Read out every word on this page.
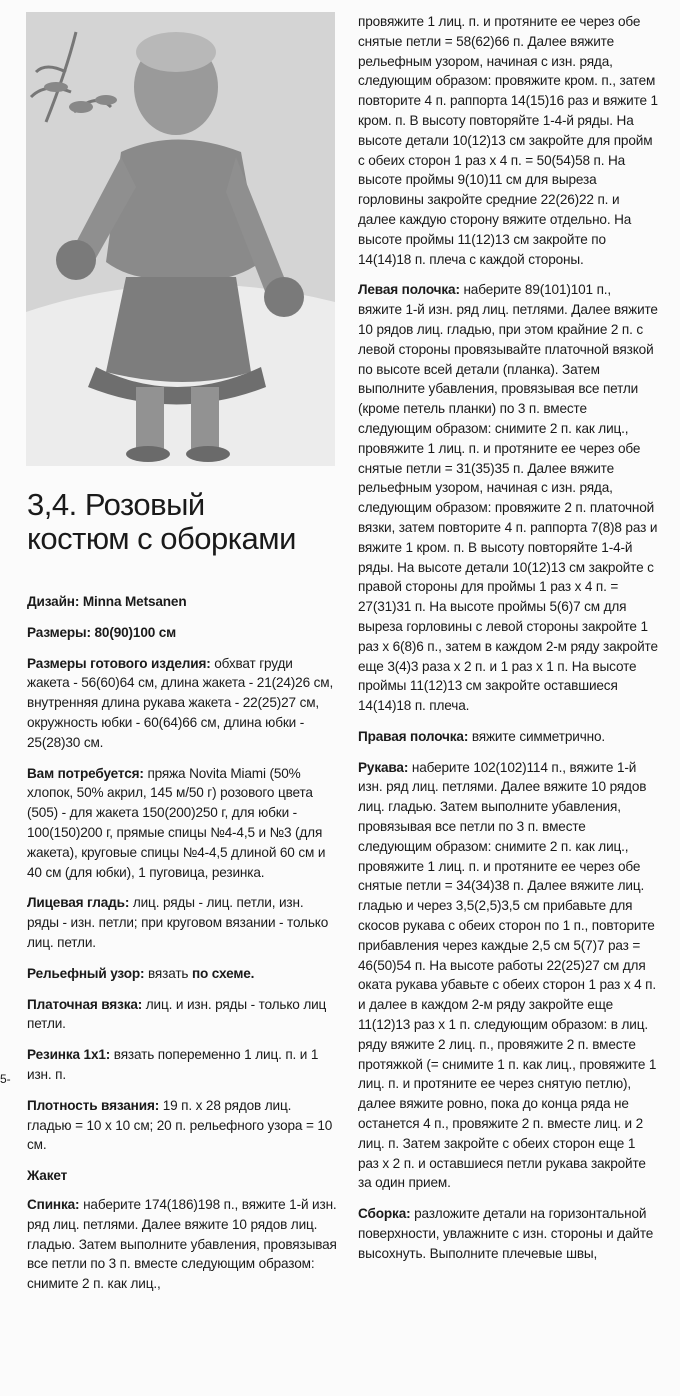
3,4. Розовый
костюм с оборками
5-

Дизайн: Minna Metsanen

Размеры: 80(90)100 см

Размеры готового изделия: обхват груди жакета - 56(60)64 см, длина жакета - 21(24)26 см, внутренняя длина рукава жакета - 22(25)27 см, окружность юбки - 60(64)66 см, длина юбки - 25(28)30 см.

Вам потребуется: пряжа Novita Miami (50% хлопок, 50% акрил, 145 м/50 г) розового цвета (505) - для жакета 150(200)250 г, для юбки - 100(150)200 г, прямые спицы №4-4,5 и №3 (для жакета), круговые спицы №4-4,5 длиной 60 см и 40 см (для юбки), 1 пуговица, резинка.

Лицевая гладь: лиц. ряды - лиц. петли, изн. ряды - изн. петли; при круговом вязании - только лиц. петли.

Рельефный узор: вязать по схеме.

Платочная вязка: лиц. и изн. ряды - только лиц петли.

Резинка 1х1: вязать попеременно 1 лиц. п. и 1 изн. п.

Плотность вязания: 19 п. х 28 рядов лиц. гладью = 10 х 10 см; 20 п. рельефного узора = 10 см.

Жакет

Спинка: наберите 174(186)198 п., вяжите 1-й изн. ряд лиц. петлями. Далее вяжите 10 рядов лиц. гладью. Затем выполните убавления, провязывая все петли по 3 п. вместе следующим образом: снимите 2 п. как лиц.,

провяжите 1 лиц. п. и протяните ее через обе снятые петли = 58(62)66 п. Далее вяжите рельефным узором, начиная с изн. ряда, следующим образом: провяжите кром. п., затем повторите 4 п. раппорта 14(15)16 раз и вяжите 1 кром. п. В высоту повторяйте 1-4-й ряды. На высоте детали 10(12)13 см закройте для пройм с обеих сторон 1 раз х 4 п. = 50(54)58 п. На высоте проймы 9(10)11 см для выреза горловины закройте средние 22(26)22 п. и далее каждую сторону вяжите отдельно. На высоте проймы 11(12)13 см закройте по 14(14)18 п. плеча с каждой стороны.

Левая полочка: наберите 89(101)101 п., вяжите 1-й изн. ряд лиц. петлями. Далее вяжите 10 рядов лиц. гладью, при этом крайние 2 п. с левой стороны провязывайте платочной вязкой по высоте всей детали (планка). Затем выполните убавления, провязывая все петли (кроме петель планки) по 3 п. вместе следующим образом: снимите 2 п. как лиц., провяжите 1 лиц. п. и протяните ее через обе снятые петли = 31(35)35 п. Далее вяжите рельефным узором, начиная с изн. ряда, следующим образом: провяжите 2 п. платочной вязки, затем повторите 4 п. раппорта 7(8)8 раз и вяжите 1 кром. п. В высоту повторяйте 1-4-й ряды. На высоте детали 10(12)13 см закройте с правой стороны для проймы 1 раз х 4 п. = 27(31)31 п. На высоте проймы 5(6)7 см для выреза горловины с левой стороны закройте 1 раз х 6(8)6 п., затем в каждом 2-м ряду закройте еще 3(4)3 раза х 2 п. и 1 раз х 1 п. На высоте проймы 11(12)13 см закройте оставшиеся 14(14)18 п. плеча.

Правая полочка: вяжите симметрично.

Рукава: наберите 102(102)114 п., вяжите 1-й изн. ряд лиц. петлями. Далее вяжите 10 рядов лиц. гладью. Затем выполните убавления, провязывая все петли по 3 п. вместе следующим образом: снимите 2 п. как лиц., провяжите 1 лиц. п. и протяните ее через обе снятые петли = 34(34)38 п. Далее вяжите лиц. гладью и через 3,5(2,5)3,5 см прибавьте для скосов рукава с обеих сторон по 1 п., повторите прибавления через каждые 2,5 см 5(7)7 раз = 46(50)54 п. На высоте работы 22(25)27 см для оката рукава убавьте с обеих сторон 1 раз х 4 п. и далее в каждом 2-м ряду закройте еще 11(12)13 раз х 1 п. следующим образом: в лиц. ряду вяжите 2 лиц. п., провяжите 2 п. вместе протяжкой (= снимите 1 п. как лиц., провяжите 1 лиц. п. и протяните ее через снятую петлю), далее вяжите ровно, пока до конца ряда не останется 4 п., провяжите 2 п. вместе лиц. и 2 лиц. п. Затем закройте с обеих сторон еще 1 раз х 2 п. и оставшиеся петли рукава закройте за один прием.

Сборка: разложите детали на горизонтальной поверхности, увлажните с изн. стороны и дайте высохнуть. Выполните плечевые швы,
